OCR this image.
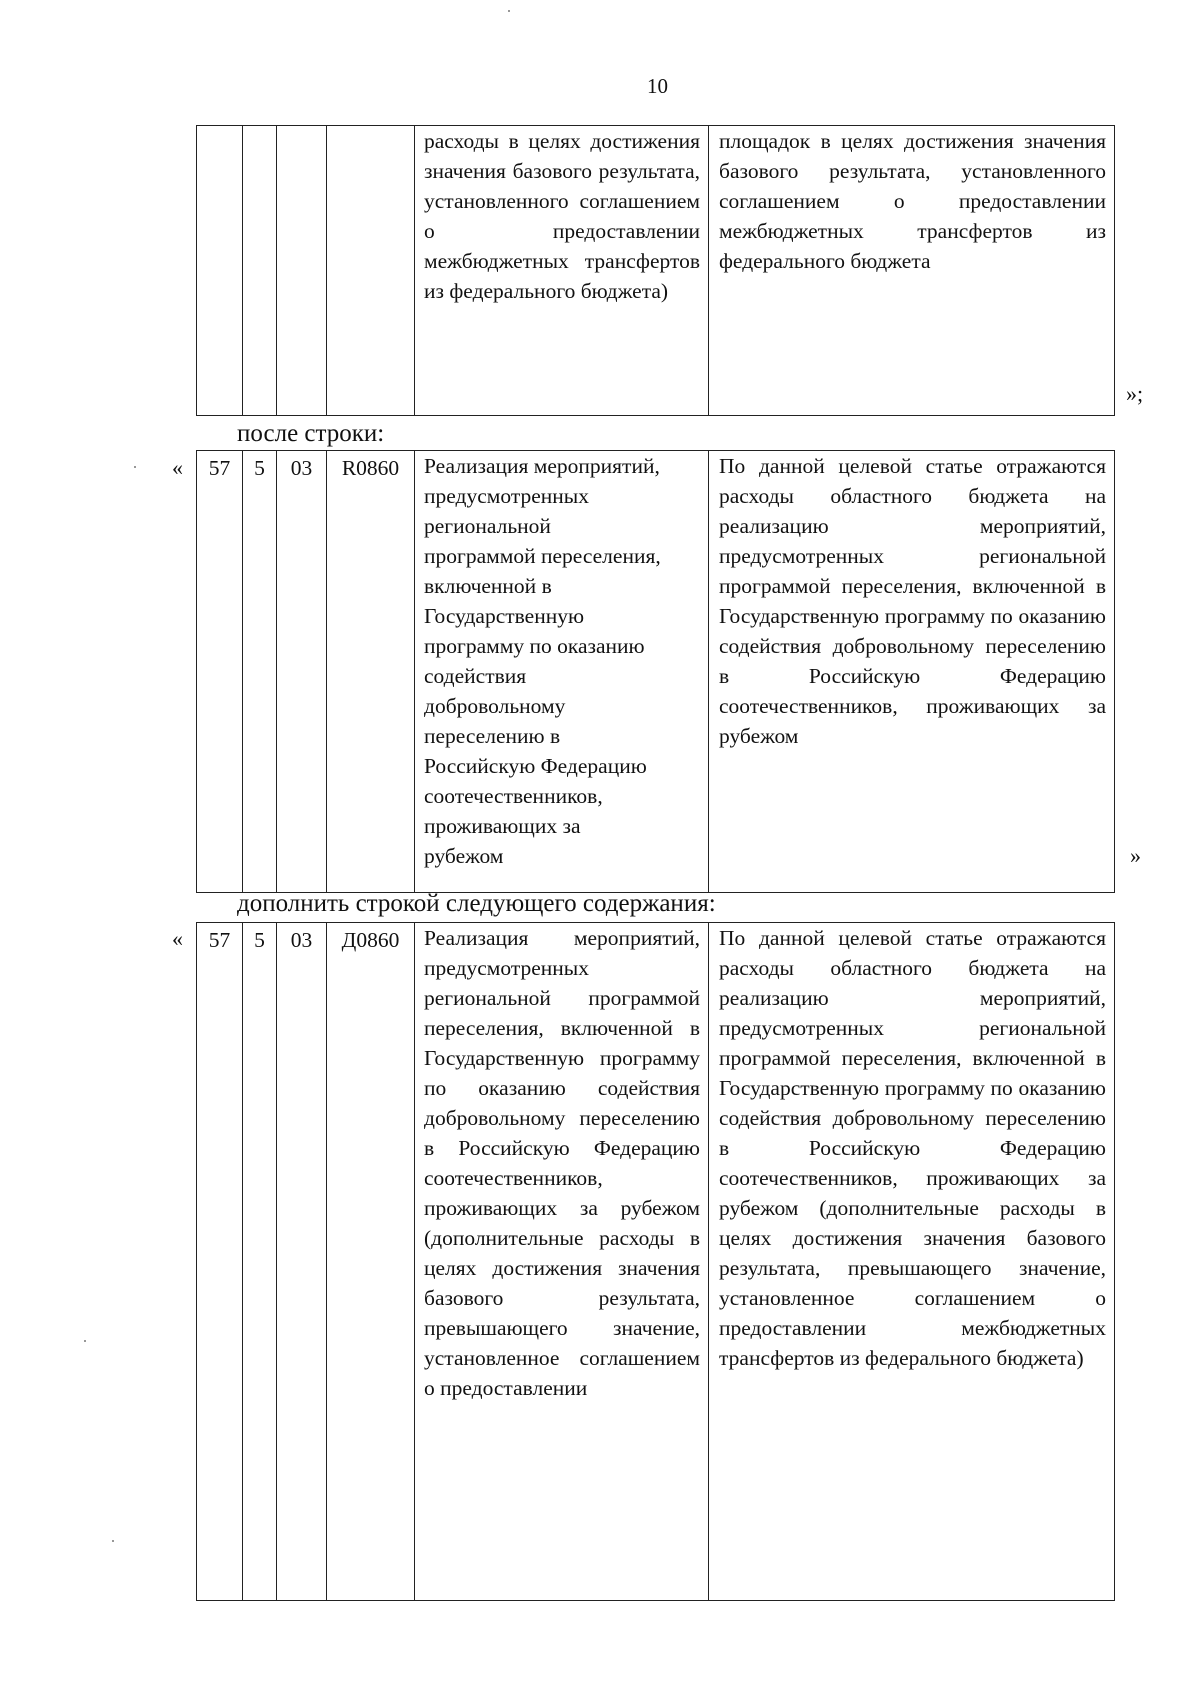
10
				расходы в целях достижения значения базового результата, установленного соглашением о предоставлении межбюджетных трансфертов из федерального бюджета)	площадок в целях достижения значения базового результата, установленного соглашением о предоставлении межбюджетных трансфертов из федерального бюджета
»;
после строки:
« 57	5	03	R0860	Реализация мероприятий,
предусмотренных
региональной
программой переселения,
включенной в
Государственную
программу по оказанию
содействия
добровольному
переселению в
Российскую Федерацию
соотечественников,
проживающих за
рубежом
	По данной целевой статье отражаются расходы областного бюджета на реализацию мероприятий, предусмотренных региональной программой переселения, включенной в Государственную программу по оказанию содействия добровольному переселению в Российскую Федерацию соотечественников, проживающих за рубежом
»
дополнить строкой следующего содержания:
« 57	5	03	Д0860	Реализация мероприятий, предусмотренных региональной программой переселения, включенной в Государственную программу по оказанию содействия добровольному переселению в Российскую Федерацию соотечественников, проживающих за рубежом (дополнительные расходы в целях достижения значения базового результата, превышающего значение, установленное соглашением о предоставлении	По данной целевой статье отражаются расходы областного бюджета на реализацию мероприятий, предусмотренных региональной программой переселения, включенной в Государственную программу по оказанию содействия добровольному переселению в Российскую Федерацию соотечественников, проживающих за рубежом (дополнительные расходы в целях достижения значения базового результата, превышающего значение, установленное соглашением о предоставлении межбюджетных трансфертов из федерального бюджета)
